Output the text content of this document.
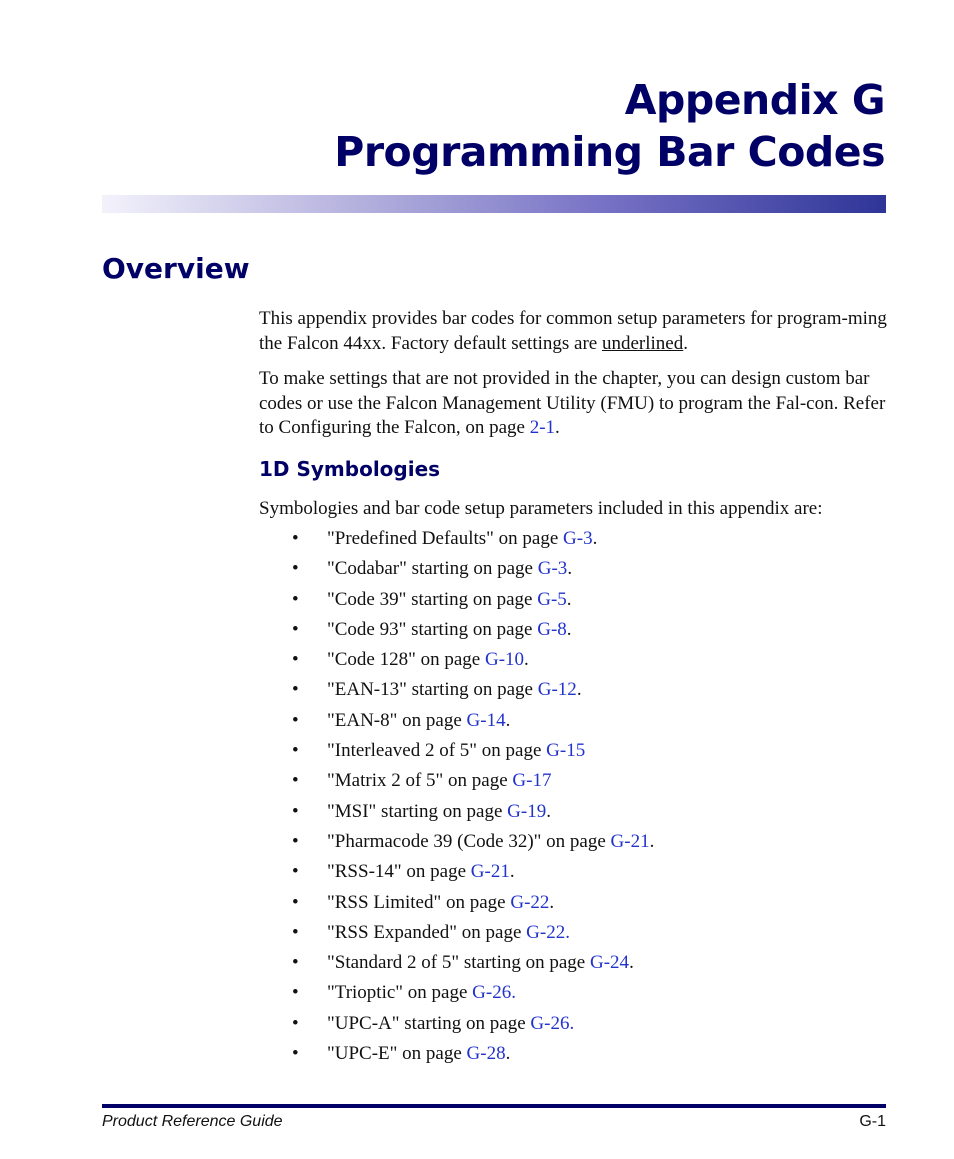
Appendix G
Programming Bar Codes
Overview

This appendix provides bar codes for common setup parameters for program-ming the Falcon 44xx. Factory default settings are underlined.

To make settings that are not provided in the chapter, you can design custom bar codes or use the Falcon Management Utility (FMU) to program the Fal-con. Refer to Configuring the Falcon, on page 2-1.

1D Symbologies

Symbologies and bar code setup parameters included in this appendix are:

• "Predefined Defaults" on page G-3.
• "Codabar" starting on page G-3.
• "Code 39" starting on page G-5.
• "Code 93" starting on page G-8.
• "Code 128" on page G-10.
• "EAN-13" starting on page G-12.
• "EAN-8" on page G-14.
• "Interleaved 2 of 5" on page G-15
• "Matrix 2 of 5" on page G-17
• "MSI" starting on page G-19.
• "Pharmacode 39 (Code 32)" on page G-21.
• "RSS-14" on page G-21.
• "RSS Limited" on page G-22.
• "RSS Expanded" on page G-22.
• "Standard 2 of 5" starting on page G-24.
• "Trioptic" on page G-26.
• "UPC-A" starting on page G-26.
• "UPC-E" on page G-28.
Product Reference Guide	G-1
